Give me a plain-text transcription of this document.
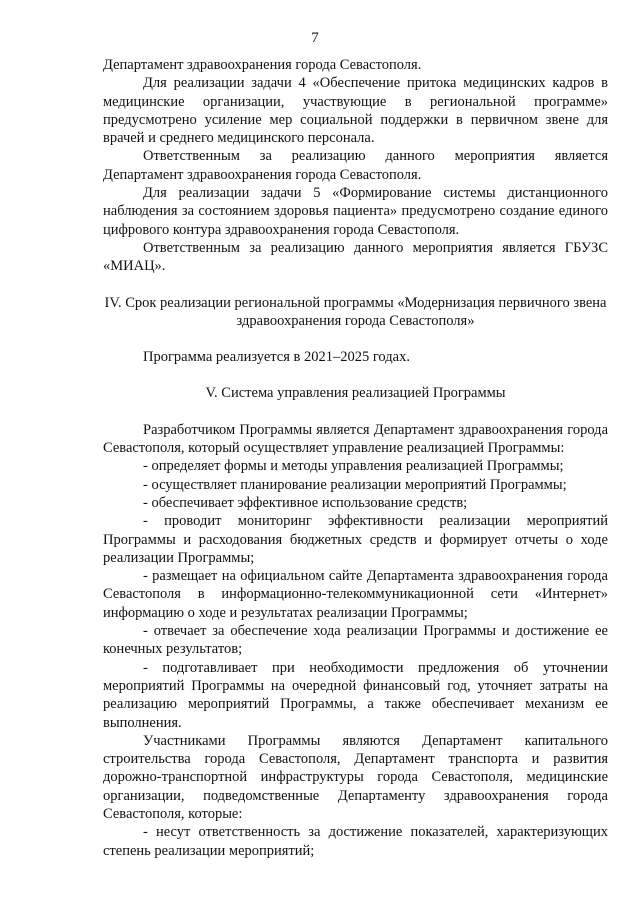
7

Департамент здравоохранения города Севастополя.

Для реализации задачи 4 «Обеспечение притока медицинских кадров в медицинские организации, участвующие в региональной программе» предусмотрено усиление мер социальной поддержки в первичном звене для врачей и среднего медицинского персонала.

Ответственным за реализацию данного мероприятия является Департамент здравоохранения города Севастополя.

Для реализации задачи 5 «Формирование системы дистанционного наблюдения за состоянием здоровья пациента» предусмотрено создание единого цифрового контура здравоохранения города Севастополя.

Ответственным за реализацию данного мероприятия является ГБУЗС «МИАЦ».

IV. Срок реализации региональной программы «Модернизация первичного звена здравоохранения города Севастополя»

Программа реализуется в 2021–2025 годах.

V. Система управления реализацией Программы

Разработчиком Программы является Департамент здравоохранения города Севастополя, который осуществляет управление реализацией Программы:

- определяет формы и методы управления реализацией Программы;

- осуществляет планирование реализации мероприятий Программы;

- обеспечивает эффективное использование средств;

- проводит мониторинг эффективности реализации мероприятий Программы и расходования бюджетных средств и формирует отчеты о ходе реализации Программы;

- размещает на официальном сайте Департамента здравоохранения города Севастополя в информационно-телекоммуникационной сети «Интернет» информацию о ходе и результатах реализации Программы;

- отвечает за обеспечение хода реализации Программы и достижение ее конечных результатов;

- подготавливает при необходимости предложения об уточнении мероприятий Программы на очередной финансовый год, уточняет затраты на реализацию мероприятий Программы, а также обеспечивает механизм ее выполнения.

Участниками Программы являются Департамент капитального строительства города Севастополя, Департамент транспорта и развития дорожно-транспортной инфраструктуры города Севастополя, медицинские организации, подведомственные Департаменту здравоохранения города Севастополя, которые:

- несут ответственность за достижение показателей, характеризующих степень реализации мероприятий;
